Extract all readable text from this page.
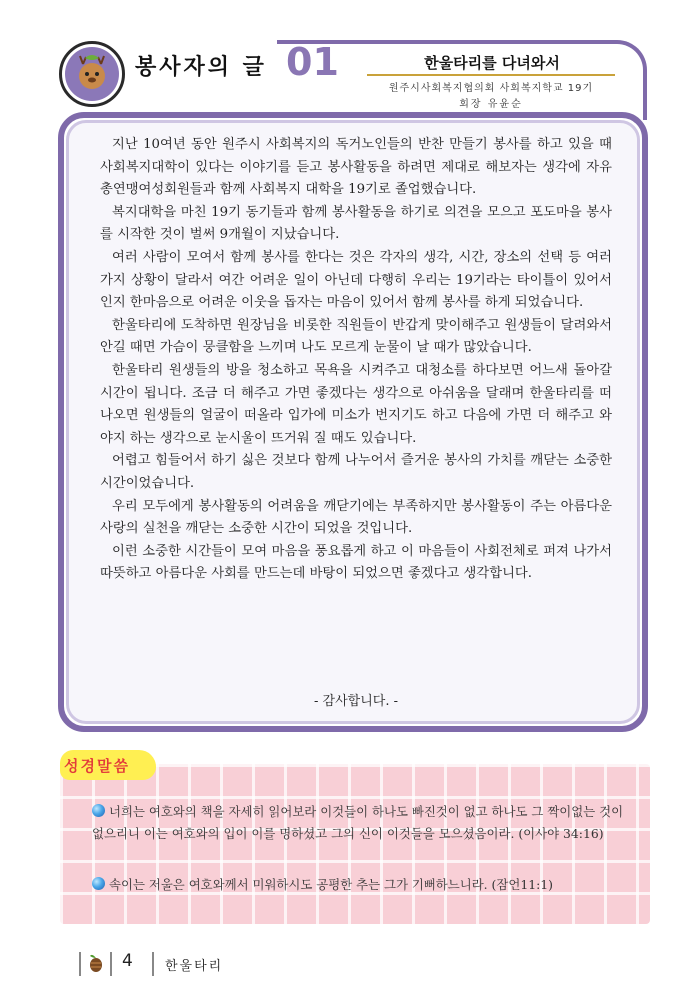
봉사자의 글 01	한울타리를 다녀와서
원주시사회복지협의회 사회복지학교 19기
회장 유윤순

지난 10여년 동안 원주시 사회복지의 독거노인들의 반찬 만들기 봉사를 하고 있을 때 사회복지대학이 있다는 이야기를 듣고 봉사활동을 하려면 제대로 해보자는 생각에 자유 총연맹여성회원들과 함께 사회복지 대학을 19기로 졸업했습니다.

복지대학을 마친 19기 동기들과 함께 봉사활동을 하기로 의견을 모으고 포도마을 봉사를 시작한 것이 벌써 9개월이 지났습니다.

여러 사람이 모여서 함께 봉사를 한다는 것은 각자의 생각, 시간, 장소의 선택 등 여러 가지 상황이 달라서 여간 어려운 일이 아닌데 다행히 우리는 19기라는 타이틀이 있어서인지 한마음으로 어려운 이웃을 돕자는 마음이 있어서 함께 봉사를 하게 되었습니다.

한울타리에 도착하면 원장님을 비롯한 직원들이 반갑게 맞이해주고 원생들이 달려와서 안길 때면 가슴이 뭉클함을 느끼며 나도 모르게 눈물이 날 때가 많았습니다.

한울타리 원생들의 방을 청소하고 목욕을 시켜주고 대청소를 하다보면 어느새 돌아갈 시간이 됩니다. 조금 더 해주고 가면 좋겠다는 생각으로 아쉬움을 달래며 한울타리를 떠나오면 원생들의 얼굴이 떠올라 입가에 미소가 번지기도 하고 다음에 가면 더 해주고 와야지 하는 생각으로 눈시울이 뜨거워 질 때도 있습니다.

어렵고 힘들어서 하기 싫은 것보다 함께 나누어서 즐거운 봉사의 가치를 깨닫는 소중한 시간이었습니다.

우리 모두에게 봉사활동의 어려움을 깨닫기에는 부족하지만 봉사활동이 주는 아름다운 사랑의 실천을 깨닫는 소중한 시간이 되었을 것입니다.

이런 소중한 시간들이 모여 마음을 풍요롭게 하고 이 마음들이 사회전체로 퍼져 나가서 따뜻하고 아름다운 사회를 만드는데 바탕이 되었으면 좋겠다고 생각합니다.

- 감사합니다. -
성경말씀
너희는 여호와의 책을 자세히 읽어보라 이것들이 하나도 빠진것이 없고 하나도 그 짝이없는 것이 없으리니 이는 여호와의 입이 이를 명하셨고 그의 신이 이것들을 모으셨음이라. (이사야 34:16)
속이는 저울은 여호와께서 미워하시도 공평한 추는 그가 기뻐하느니라. (잠언11:1)
4 한울타리
